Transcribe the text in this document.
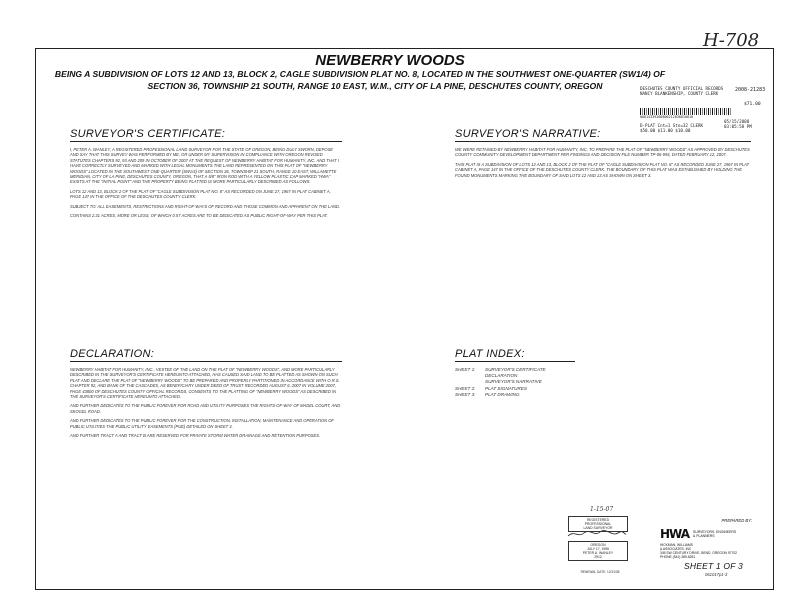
H-708
NEWBERRY WOODS
BEING A SUBDIVISION OF LOTS 12 AND 13, BLOCK 2, CAGLE SUBDIVISION PLAT NO. 8, LOCATED IN THE SOUTHWEST ONE-QUARTER (SW1/4) OF
SECTION 36, TOWNSHIP 21 SOUTH, RANGE 10 EAST, W.M., CITY OF LA PINE, DESCHUTES COUNTY, OREGON	DESCHUTES COUNTY OFFICIAL RECORDS
NANCY BLANKENSHIP, COUNTY CLERK
2008-21283
$71.00
00614339200800212830010010
D-PLAT Cnt=1 Stn=32 CLERK
$50.00 $11.00 $10.00
05/15/2008 03:05:58 PM
SURVEYOR'S CERTIFICATE:

I, PETER A. WANLEY, A REGISTERED PROFESSIONAL LAND SURVEYOR FOR THE STATE OF OREGON, BEING DULY SWORN, DEPOSE AND SAY THAT THIS SURVEY WAS PERFORMED BY ME, OR UNDER MY SUPERVISION IN COMPLIANCE WITH OREGON REVISED STATUTES CHAPTERS 92, 93 AND 209 IN OCTOBER OF 2007 AT THE REQUEST OF NEWBERRY HABITAT FOR HUMANITY, INC. AND THAT I HAVE CORRECTLY SURVEYED AND MARKED WITH LEGAL MONUMENTS THE LAND REPRESENTED ON THIS PLAT OF "NEWBERRY WOODS" LOCATED IN THE SOUTHWEST ONE-QUARTER (SW1/4) OF SECTION 36, TOWNSHIP 21 SOUTH, RANGE 10 EAST, WILLAMETTE MERIDIAN, CITY OF LA PINE, DESCHUTES COUNTY, OREGON, THAT A 5/8" IRON ROD WITH A YELLOW PLASTIC CAP MARKED "HWA" EXISTS AT THE "INITIAL POINT" AND THE PROPERTY BEING PLATTED IS MORE PARTICULARLY DESCRIBED AS FOLLOWS:

LOTS 12 AND 13, BLOCK 2 OF THE PLAT OF "CAGLE SUBDIVISION PLAT NO. 8" AS RECORDED ON JUNE 27, 1967 IN PLAT CABINET A, PAGE 147 IN THE OFFICE OF THE DESCHUTES COUNTY CLERK.

SUBJECT TO: ALL EASEMENTS, RESTRICTIONS AND RIGHT-OF-WAYS OF RECORD AND THOSE COMMON AND APPARENT ON THE LAND.

CONTAINS 2.31 ACRES, MORE OR LESS, OF WHICH 0.57 ACRES ARE TO BE DEDICATED AS PUBLIC RIGHT-OF-WAY PER THIS PLAT.

SURVEYOR'S NARRATIVE:

WE WERE RETAINED BY NEWBERRY HABITAT FOR HUMANITY, INC. TO PREPARE THE PLAT OF "NEWBERRY WOODS" AS APPROVED BY DESCHUTES COUNTY COMMUNITY DEVELOPMENT DEPARTMENT PER FINDINGS AND DECISION FILE NUMBER TP-06-994, DATED FEBRUARY 12, 2007.

THIS PLAT IS A SUBDIVISION OF LOTS 12 AND 13, BLOCK 2 OF THE PLAT OF "CAGLE SUBDIVISION PLAT NO. 8" AS RECORDED JUNE 27, 1967 IN PLAT CABINET A, PAGE 147 IN THE OFFICE OF THE DESCHUTES COUNTY CLERK. THE BOUNDARY OF THIS PLAT WAS ESTABLISHED BY HOLDING THE FOUND MONUMENTS MARKING THE BOUNDARY OF SAID LOTS 12 AND 13 AS SHOWN ON SHEET 3.

DECLARATION:

NEWBERRY HABITAT FOR HUMANITY, INC., VESTEE OF THE LAND ON THE PLAT OF "NEWBERRY WOODS", AND MORE PARTICULARLY DESCRIBED IN THE SURVEYOR'S CERTIFICATE HEREUNTO ATTACHED, HAS CAUSED SAID LAND TO BE PLATTED AS SHOWN ON SUCH PLAT AND DECLARE THE PLAT OF "NEWBERRY WOODS" TO BE PREPARED AND PROPERLY PARTITIONED IN ACCORDANCE WITH O.R.S. CHAPTER 92, AND BANK OF THE CASCADES, AS BENEFICIARY UNDER DEED OF TRUST RECORDED AUGUST 6, 2007 IN VOLUME 2007, PAGE 43800 OF DESCHUTES COUNTY OFFICIAL RECORDS, CONSENTS TO THE PLATTING OF "NEWBERRY WOODS" AS DESCRIBED IN THE SURVEYOR'S CERTIFICATE HEREUNTO ATTACHED.

AND FURTHER DEDICATES TO THE PUBLIC FOREVER FOR ROAD AND UTILITY PURPOSES THE RIGHTS-OF-WAY OF MADEL COURT, AND SKOGEL ROAD.

AND FURTHER DEDICATES TO THE PUBLIC FOREVER FOR THE CONSTRUCTION, INSTALLATION, MAINTENANCE AND OPERATION OF PUBLIC UTILITIES THE PUBLIC UTILITY EASEMENTS (PUE) DETAILED ON SHEET 3.

AND FURTHER TRACT A AND TRACT B ARE RESERVED FOR PRIVATE STORM WATER DRAINAGE AND RETENTION PURPOSES.

PLAT INDEX:
SHEET 1:	SURVEYOR'S CERTIFICATE
DECLARATION
SURVEYOR'S NARRATIVE
SHEET 2:	PLAT SIGNATURES
SHEET 3:	PLAT DRAWING
1-15-07
REGISTERED
PROFESSIONAL
LAND SURVEYOR
OREGON
JULY 17, 1996
PETER A. WANLEY
2912
RENEWAL DATE: 12/31/08
PREPARED BY:
HWA SURVEYORS, ENGINEERS
& PLANNERS
HICKMAN, WILLIAMS
& ASSOCIATES, INC
345 SW CENTURY DRIVE, BEND, OREGON 97702
PHONE (541) 389-6281
SHEET 1 OF 3
061017p1-3
